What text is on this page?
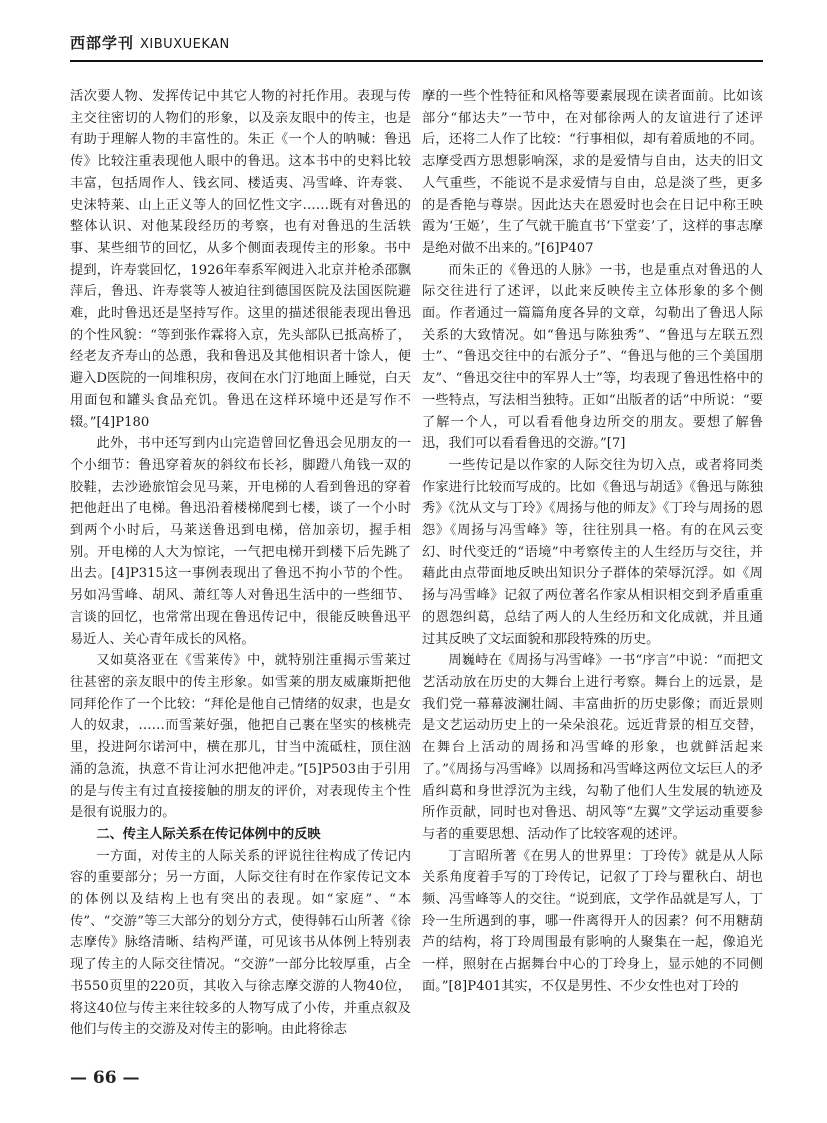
西部学刊 XIBUXUEKAN

活次要人物、发挥传记中其它人物的衬托作用。表现与传主交往密切的人物们的形象，以及亲友眼中的传主，也是有助于理解人物的丰富性的。朱正《一个人的呐喊：鲁迅传》比较注重表现他人眼中的鲁迅。这本书中的史料比较丰富，包括周作人、钱玄同、楼适夷、冯雪峰、许寿裳、史沫特莱、山上正义等人的回忆性文字……既有对鲁迅的整体认识、对他某段经历的考察，也有对鲁迅的生活轶事、某些细节的回忆，从多个侧面表现传主的形象。书中提到，许寿裳回忆，1926年奉系军阀进入北京并枪杀邵飘萍后，鲁迅、许寿裳等人被迫往到德国医院及法国医院避难，此时鲁迅还是坚持写作。这里的描述很能表现出鲁迅的个性风貌：“等到张作霖将入京，先头部队已抵高桥了，经老友齐寿山的怂恿，我和鲁迅及其他相识者十馀人，便避入D医院的一间堆积房，夜间在水门汀地面上睡觉，白天用面包和罐头食品充饥。鲁迅在这样环境中还是写作不辍。”[4]P180

此外，书中还写到内山完造曾回忆鲁迅会见朋友的一个小细节：鲁迅穿着灰的斜纹布长衫，脚蹬八角钱一双的胶鞋，去沙逊旅馆会见马莱，开电梯的人看到鲁迅的穿着把他赶出了电梯。鲁迅沿着楼梯爬到七楼，谈了一个小时到两个小时后，马莱送鲁迅到电梯，倍加亲切，握手相别。开电梯的人大为惊诧，一气把电梯开到楼下后先跳了出去。[4]P315这一事例表现出了鲁迅不拘小节的个性。另如冯雪峰、胡风、萧红等人对鲁迅生活中的一些细节、言谈的回忆，也常常出现在鲁迅传记中，很能反映鲁迅平易近人、关心青年成长的风格。

又如莫洛亚在《雪莱传》中，就特别注重揭示雪莱过往甚密的亲友眼中的传主形象。如雪莱的朋友威廉斯把他同拜伦作了一个比较：“拜伦是他自己情绪的奴隶，也是女人的奴隶，……而雪莱好强，他把自己裹在坚实的核桃壳里，投进阿尔诺河中，横在那儿，甘当中流砥柱，顶住汹涌的急流，执意不肯让河水把他冲走。”[5]P503由于引用的是与传主有过直接接触的朋友的评价，对表现传主个性是很有说服力的。

二、传主人际关系在传记体例中的反映

一方面，对传主的人际关系的评说往往构成了传记内容的重要部分；另一方面，人际交往有时在作家传记文本的体例以及结构上也有突出的表现。如“家庭”、“本传”、“交游”等三大部分的划分方式，使得韩石山所著《徐志摩传》脉络清晰、结构严谨，可见该书从体例上特别表现了传主的人际交往情况。“交游”一部分比较厚重，占全书550页里的220页，其收入与徐志摩交游的人物40位，将这40位与传主来往较多的人物写成了小传，并重点叙及他们与传主的交游及对传主的影响。由此将徐志

摩的一些个性特征和风格等要素展现在读者面前。比如该部分“郁达夫”一节中，在对郁徐两人的友谊进行了述评后，还将二人作了比较：“行事相似，却有着质地的不同。志摩受西方思想影响深，求的是爱情与自由，达夫的旧文人气重些，不能说不是求爱情与自由，总是淡了些，更多的是香艳与尊崇。因此达夫在恩爱时也会在日记中称王映霞为‘王姬’，生了气就干脆直书‘下堂妾’了，这样的事志摩是绝对做不出来的。”[6]P407

而朱正的《鲁迅的人脉》一书，也是重点对鲁迅的人际交往进行了述评，以此来反映传主立体形象的多个侧面。作者通过一篇篇角度各异的文章，勾勒出了鲁迅人际关系的大致情况。如“鲁迅与陈独秀”、“鲁迅与左联五烈士”、“鲁迅交往中的右派分子”、“鲁迅与他的三个美国朋友”、“鲁迅交往中的军界人士”等，均表现了鲁迅性格中的一些特点，写法相当独特。正如“出版者的话”中所说：“要了解一个人，可以看看他身边所交的朋友。要想了解鲁迅，我们可以看看鲁迅的交游。”[7]

一些传记是以作家的人际交往为切入点，或者将同类作家进行比较而写成的。比如《鲁迅与胡适》《鲁迅与陈独秀》《沈从文与丁玲》《周扬与他的师友》《丁玲与周扬的恩怨》《周扬与冯雪峰》等，往往别具一格。有的在风云变幻、时代变迁的“语境”中考察传主的人生经历与交往，并藉此由点带面地反映出知识分子群体的荣辱沉浮。如《周扬与冯雪峰》记叙了两位著名作家从相识相交到矛盾重重的恩怨纠葛，总结了两人的人生经历和文化成就，并且通过其反映了文坛面貌和那段特殊的历史。

周巍峙在《周扬与冯雪峰》一书“序言”中说：“而把文艺活动放在历史的大舞台上进行考察。舞台上的远景，是我们党一幕幕波澜壮阔、丰富曲折的历史影像；而近景则是文艺运动历史上的一朵朵浪花。远近背景的相互交替，在舞台上活动的周扬和冯雪峰的形象，也就鲜活起来了。”《周扬与冯雪峰》以周扬和冯雪峰这两位文坛巨人的矛盾纠葛和身世浮沉为主线，勾勒了他们人生发展的轨迹及所作贡献，同时也对鲁迅、胡风等“左翼”文学运动重要参与者的重要思想、活动作了比较客观的述评。

丁言昭所著《在男人的世界里：丁玲传》就是从人际关系角度着手写的丁玲传记，记叙了丁玲与瞿秋白、胡也频、冯雪峰等人的交往。“说到底，文学作品就是写人，丁玲一生所遇到的事，哪一件离得开人的因素？何不用糖葫芦的结构，将丁玲周围最有影响的人聚集在一起，像追光一样，照射在占据舞台中心的丁玲身上，显示她的不同侧面。”[8]P401其实，不仅是男性、不少女性也对丁玲的

— 66 —
